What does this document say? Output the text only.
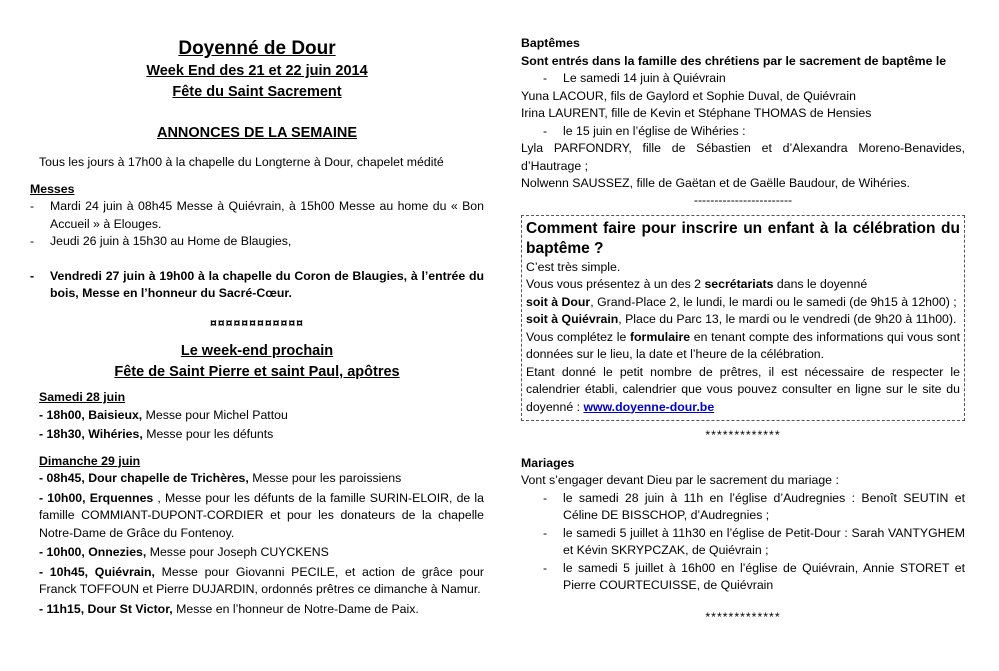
Doyenné de Dour
Week End des 21 et 22 juin 2014
Fête du Saint Sacrement
ANNONCES DE LA SEMAINE

Tous les jours à 17h00 à la chapelle du Longterne à Dour, chapelet médité

Messes

-	Mardi 24 juin à 08h45 Messe à Quiévrain, à 15h00 Messe au home du « Bon Accueil » à Elouges.
-	Jeudi 26 juin à 15h30 au Home de Blaugies,
-	Vendredi 27 juin à 19h00 à la chapelle du Coron de Blaugies, à l’entrée du bois, Messe en l’honneur du Sacré-Cœur.

¤¤¤¤¤¤¤¤¤¤¤¤

Le week-end prochain
Fête de Saint Pierre et saint Paul, apôtres

Samedi 28 juin

- 18h00, Baisieux, Messe pour Michel Pattou

- 18h30, Wihéries, Messe pour les défunts

Dimanche 29 juin

- 08h45, Dour chapelle de Trichères, Messe pour les paroissiens

- 10h00, Erquennes , Messe pour les défunts de la famille SURIN-ELOIR, de la famille COMMIANT-DUPONT-CORDIER et pour les donateurs de la chapelle Notre-Dame de Grâce du Fontenoy.

- 10h00, Onnezies, Messe pour Joseph CUYCKENS

- 10h45, Quiévrain, Messe pour Giovanni PECILE, et action de grâce pour Franck TOFFOUN et Pierre DUJARDIN, ordonnés prêtres ce dimanche à Namur.

- 11h15, Dour St Victor, Messe en l’honneur de Notre-Dame de Paix.

Baptêmes

Sont entrés dans la famille des chrétiens par le sacrement de baptême le

-	Le samedi 14 juin à Quiévrain

Yuna LACOUR, fils de Gaylord et Sophie Duval, de Quiévrain

Irina LAURENT, fille de Kevin et Stéphane THOMAS de Hensies

-	le 15 juin en l’église de Wihéries :

Lyla PARFONDRY, fille de Sébastien et d’Alexandra Moreno-Benavides, d’Hautrage ;

Nolwenn SAUSSEZ, fille de Gaëtan et de Gaëlle Baudour, de Wihéries.

------------------------

Comment faire pour inscrire un enfant à la célébration du baptême ?

C’est très simple.

Vous vous présentez à un des 2 secrétariats dans le doyenné

soit à Dour, Grand-Place 2, le lundi, le mardi ou le samedi (de 9h15 à 12h00) ;

soit à Quiévrain, Place du Parc 13, le mardi ou le vendredi (de 9h20 à 11h00).

Vous complétez le formulaire en tenant compte des informations qui vous sont données sur le lieu, la date et l’heure de la célébration.

Etant donné le petit nombre de prêtres, il est nécessaire de respecter le calendrier établi, calendrier que vous pouvez consulter en ligne sur le site du doyenné : www.doyenne-dour.be

*************

Mariages

Vont s’engager devant Dieu par le sacrement du mariage :

-	le samedi 28 juin à 11h en l’église d’Audregnies : Benoît SEUTIN et Céline DE BISSCHOP, d’Audregnies ;
-	le samedi 5 juillet à 11h30 en l’église de Petit-Dour : Sarah VANTYGHEM et Kévin SKRYPCZAK, de Quiévrain ;
-	le samedi 5 juillet à 16h00 en l’église de Quiévrain, Annie STORET et Pierre COURTECUISSE, de Quiévrain

*************
